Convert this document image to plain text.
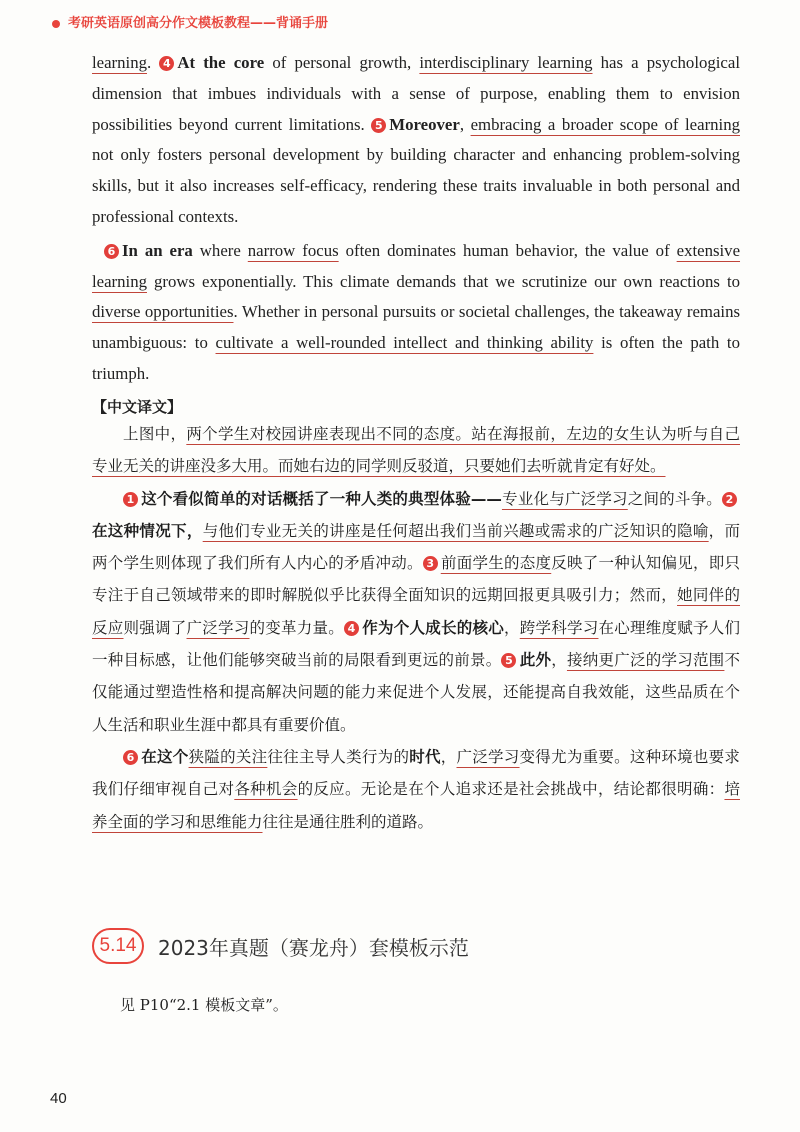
考研英语原创高分作文模板教程——背诵手册

learning. 4 At the core of personal growth, interdisciplinary learning has a psychological dimension that imbues individuals with a sense of purpose, enabling them to envision possibilities beyond current limitations. 5 Moreover, embracing a broader scope of learning not only fosters personal development by building character and enhancing problem-solving skills, but it also increases self-efficacy, rendering these traits invaluable in both personal and professional contexts.

6 In an era where narrow focus often dominates human behavior, the value of extensive learning grows exponentially. This climate demands that we scrutinize our own reactions to diverse opportunities. Whether in personal pursuits or societal challenges, the takeaway remains unambiguous: to cultivate a well-rounded intellect and thinking ability is often the path to triumph.

【中文译文】

上图中，两个学生对校园讲座表现出不同的态度。站在海报前，左边的女生认为听与自己专业无关的讲座没多大用。而她右边的同学则反驳道，只要她们去听就肯定有好处。

1 这个看似简单的对话概括了一种人类的典型体验——专业化与广泛学习之间的斗争。 2在这种情况下，与他们专业无关的讲座是任何超出我们当前兴趣或需求的广泛知识的隐喻，而两个学生则体现了我们所有人内心的矛盾冲动。 3 前面学生的态度反映了一种认知偏见，即只专注于自己领域带来的即时解脱似乎比获得全面知识的远期回报更具吸引力；然而，她同伴的反应则强调了广泛学习的变革力量。 4 作为个人成长的核心，跨学科学习在心理维度赋予人们一种目标感，让他们能够突破当前的局限看到更远的前景。 5 此外，接纳更广泛的学习范围不仅能通过塑造性格和提高解决问题的能力来促进个人发展，还能提高自我效能，这些品质在个人生活和职业生涯中都具有重要价值。

6 在这个狭隘的关注往往主导人类行为的时代，广泛学习变得尤为重要。这种环境也要求我们仔细审视自己对各种机会的反应。无论是在个人追求还是社会挑战中，结论都很明确：培养全面的学习和思维能力往往是通往胜利的道路。

5.14	2023年真题（赛龙舟）套模板示范
见 P10“2.1 模板文章”。
40
